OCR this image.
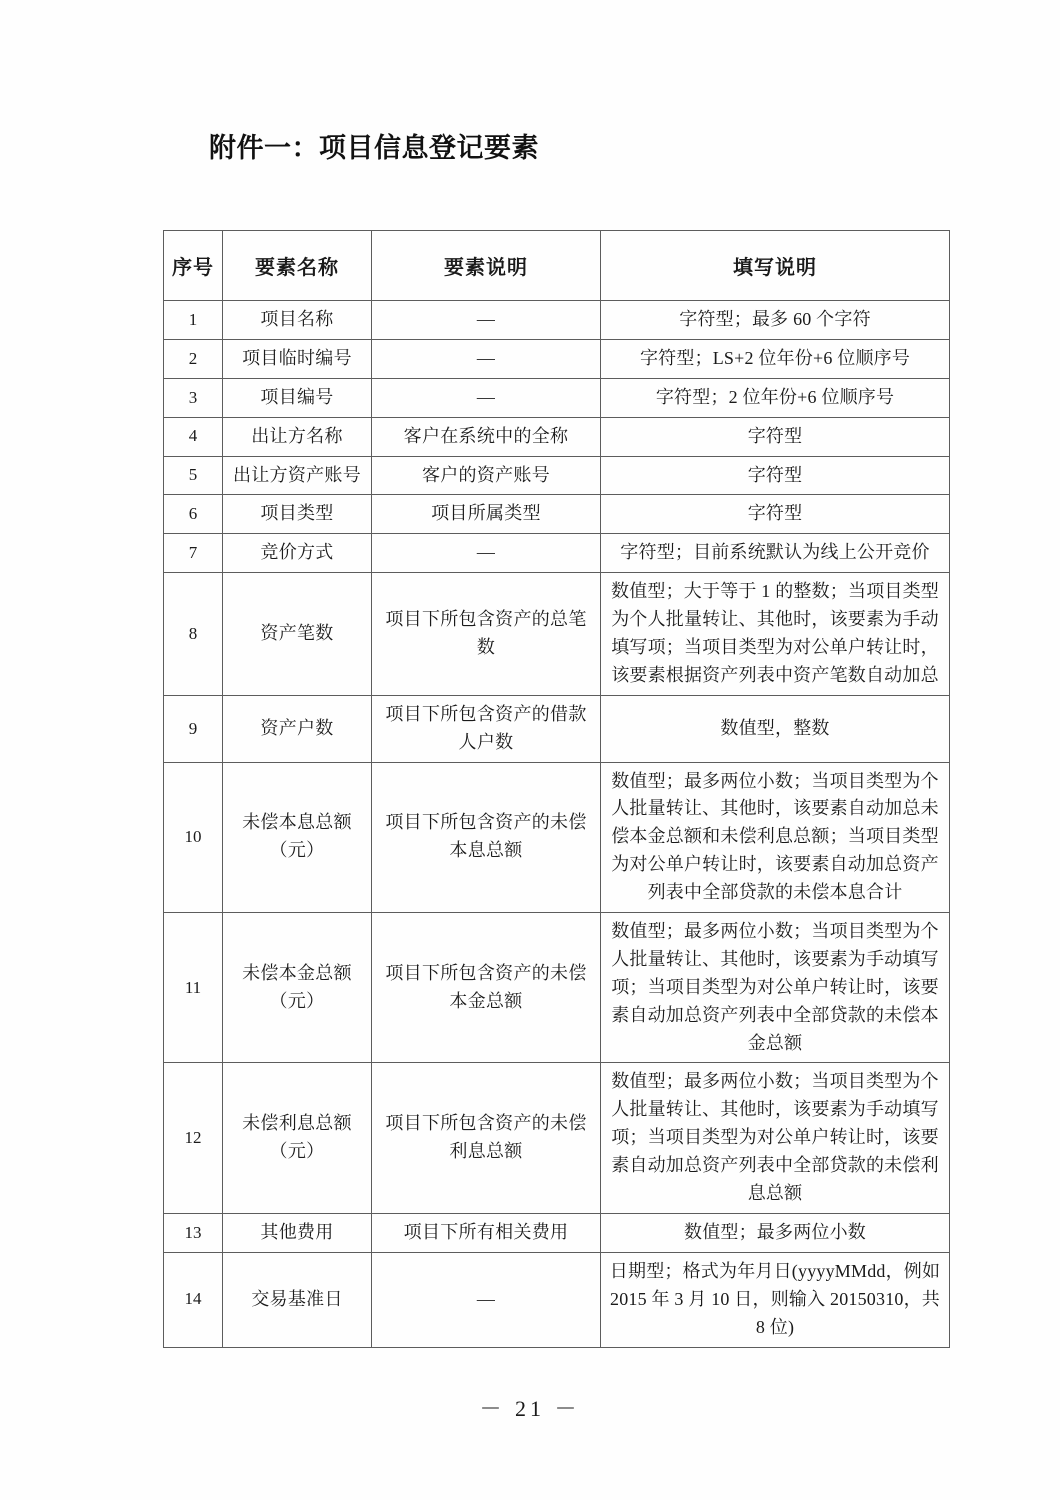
附件一：项目信息登记要素
序号	要素名称	要素说明	填写说明
1	项目名称	—	字符型；最多 60 个字符
2	项目临时编号	—	字符型；LS+2 位年份+6 位顺序号
3	项目编号	—	字符型；2 位年份+6 位顺序号
4	出让方名称	客户在系统中的全称	字符型
5	出让方资产账号	客户的资产账号	字符型
6	项目类型	项目所属类型	字符型
7	竞价方式	—	字符型；目前系统默认为线上公开竞价
8	资产笔数	项目下所包含资产的总笔数	数值型；大于等于 1 的整数；当项目类型为个人批量转让、其他时，该要素为手动填写项；当项目类型为对公单户转让时，该要素根据资产列表中资产笔数自动加总
9	资产户数	项目下所包含资产的借款人户数	数值型，整数
10	未偿本息总额（元）	项目下所包含资产的未偿本息总额	数值型；最多两位小数；当项目类型为个人批量转让、其他时，该要素自动加总未偿本金总额和未偿利息总额；当项目类型为对公单户转让时，该要素自动加总资产列表中全部贷款的未偿本息合计
11	未偿本金总额（元）	项目下所包含资产的未偿本金总额	数值型；最多两位小数；当项目类型为个人批量转让、其他时，该要素为手动填写项；当项目类型为对公单户转让时，该要素自动加总资产列表中全部贷款的未偿本金总额
12	未偿利息总额（元）	项目下所包含资产的未偿利息总额	数值型；最多两位小数；当项目类型为个人批量转让、其他时，该要素为手动填写项；当项目类型为对公单户转让时，该要素自动加总资产列表中全部贷款的未偿利息总额
13	其他费用	项目下所有相关费用	数值型；最多两位小数
14	交易基准日	—	日期型；格式为年月日(yyyyMMdd，例如 2015 年 3 月 10 日，则输入 20150310，共 8 位)
－ 21 －
